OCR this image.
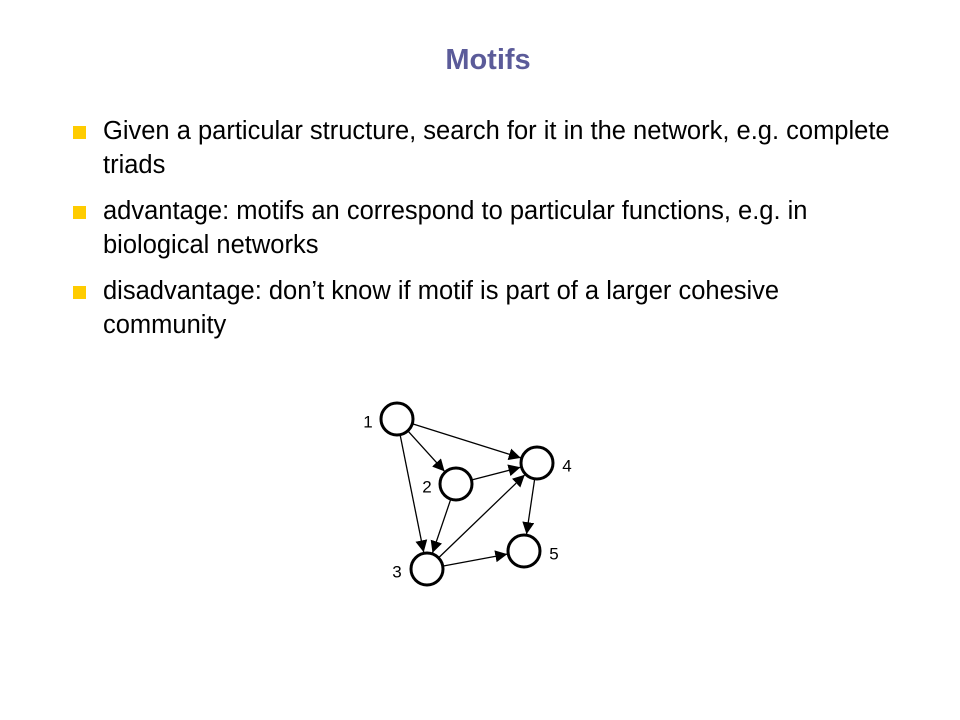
Motifs
Given a particular structure, search for it in the network, e.g. complete triads
advantage: motifs an correspond to particular functions, e.g. in biological networks
disadvantage: don’t know if motif is part of a larger cohesive community
1
2
3
4
5
